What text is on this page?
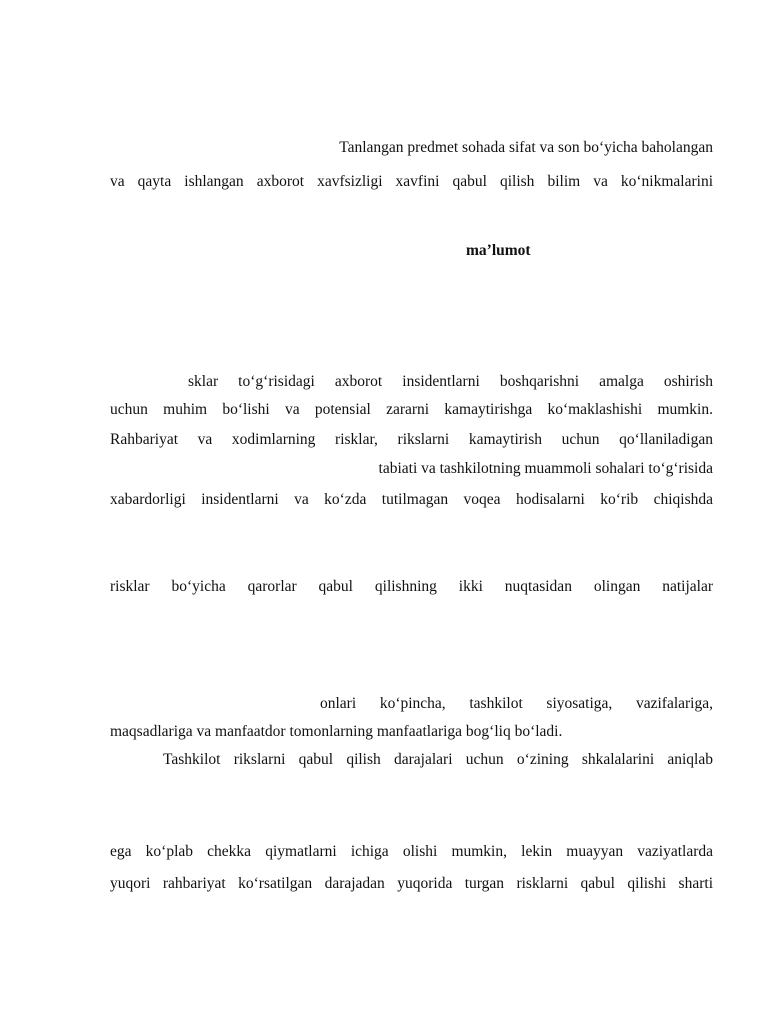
Tanlangan predmet sohada sifat va son bo‘yicha baholangan
va qayta ishlangan axborot xavfsizligi xavfini qabul qilish bilim va ko‘nikmalarini
ma’lumot
sklar to‘g‘risidagi axborot insidentlarni boshqarishni amalga oshirish
uchun muhim bo‘lishi va potensial zararni kamaytirishga ko‘maklashishi mumkin.
Rahbariyat va xodimlarning risklar, rikslarni kamaytirish uchun qo‘llaniladigan
tabiati va tashkilotning muammoli sohalari to‘g‘risida
xabardorligi insidentlarni va ko‘zda tutilmagan voqea hodisalarni ko‘rib chiqishda
risklar bo‘yicha qarorlar qabul qilishning ikki nuqtasidan olingan natijalar
onlari ko‘pincha, tashkilot siyosatiga, vazifalariga,
maqsadlariga va manfaatdor tomonlarning manfaatlariga bog‘liq bo‘ladi.
Tashkilot rikslarni qabul qilish darajalari uchun o‘zining shkalalarini aniqlab
ega ko‘plab chekka qiymatlarni ichiga olishi mumkin, lekin muayyan vaziyatlarda
yuqori rahbariyat ko‘rsatilgan darajadan yuqorida turgan risklarni qabul qilishi sharti
